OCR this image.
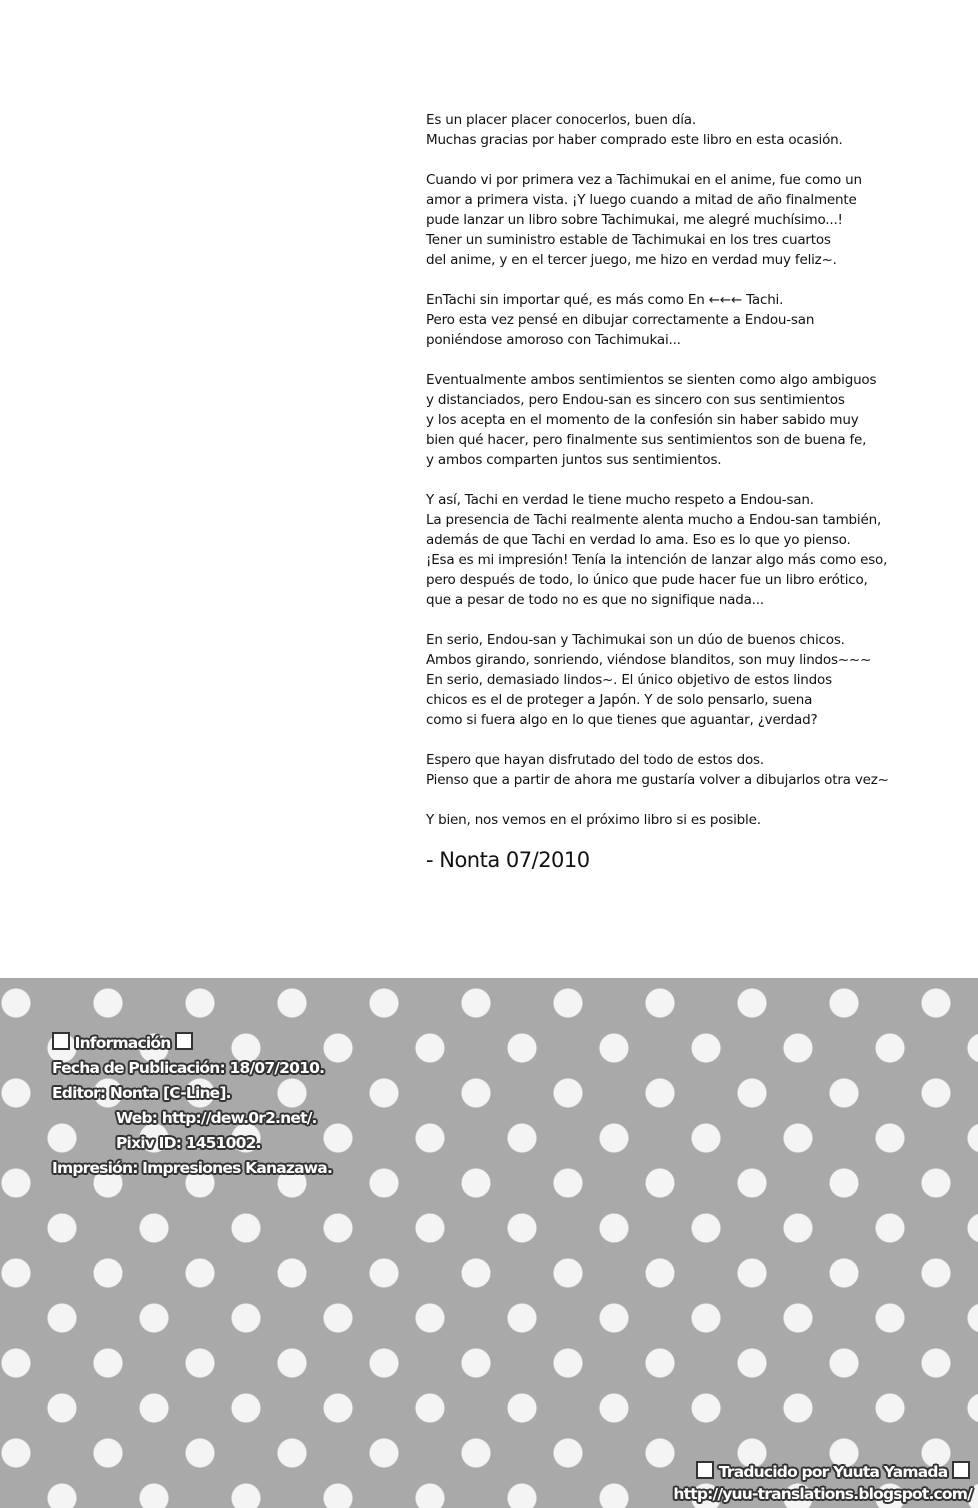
Es un placer placer conocerlos, buen día.
Muchas gracias por haber comprado este libro en esta ocasión.
Cuando vi por primera vez a Tachimukai en el anime, fue como un
amor a primera vista. ¡Y luego cuando a mitad de año finalmente
pude lanzar un libro sobre Tachimukai, me alegré muchísimo...!
Tener un suministro estable de Tachimukai en los tres cuartos
del anime, y en el tercer juego, me hizo en verdad muy feliz~.
EnTachi sin importar qué, es más como En ←←← Tachi.
Pero esta vez pensé en dibujar correctamente a Endou-san
poniéndose amoroso con Tachimukai...
Eventualmente ambos sentimientos se sienten como algo ambiguos
y distanciados, pero Endou-san es sincero con sus sentimientos
y los acepta en el momento de la confesión sin haber sabido muy
bien qué hacer, pero finalmente sus sentimientos son de buena fe,
y ambos comparten juntos sus sentimientos.
Y así, Tachi en verdad le tiene mucho respeto a Endou-san.
La presencia de Tachi realmente alenta mucho a Endou-san también,
además de que Tachi en verdad lo ama. Eso es lo que yo pienso.
¡Esa es mi impresión! Tenía la intención de lanzar algo más como eso,
pero después de todo, lo único que pude hacer fue un libro erótico,
que a pesar de todo no es que no signifique nada...
En serio, Endou-san y Tachimukai son un dúo de buenos chicos.
Ambos girando, sonriendo, viéndose blanditos, son muy lindos~~~
En serio, demasiado lindos~. El único objetivo de estos lindos
chicos es el de proteger a Japón. Y de solo pensarlo, suena
como si fuera algo en lo que tienes que aguantar, ¿verdad?
Espero que hayan disfrutado del todo de estos dos.
Pienso que a partir de ahora me gustaría volver a dibujarlos otra vez~
Y bien, nos vemos en el próximo libro si es posible.
- Nonta 07/2010
Información
Fecha de Publicación: 18/07/2010.
Editor: Nonta [C-Line].
Web: http://dew.0r2.net/.
Pixiv ID: 1451002.
Impresión: Impresiones Kanazawa.
Traducido por Yuuta Yamada
http://yuu-translations.blogspot.com/
